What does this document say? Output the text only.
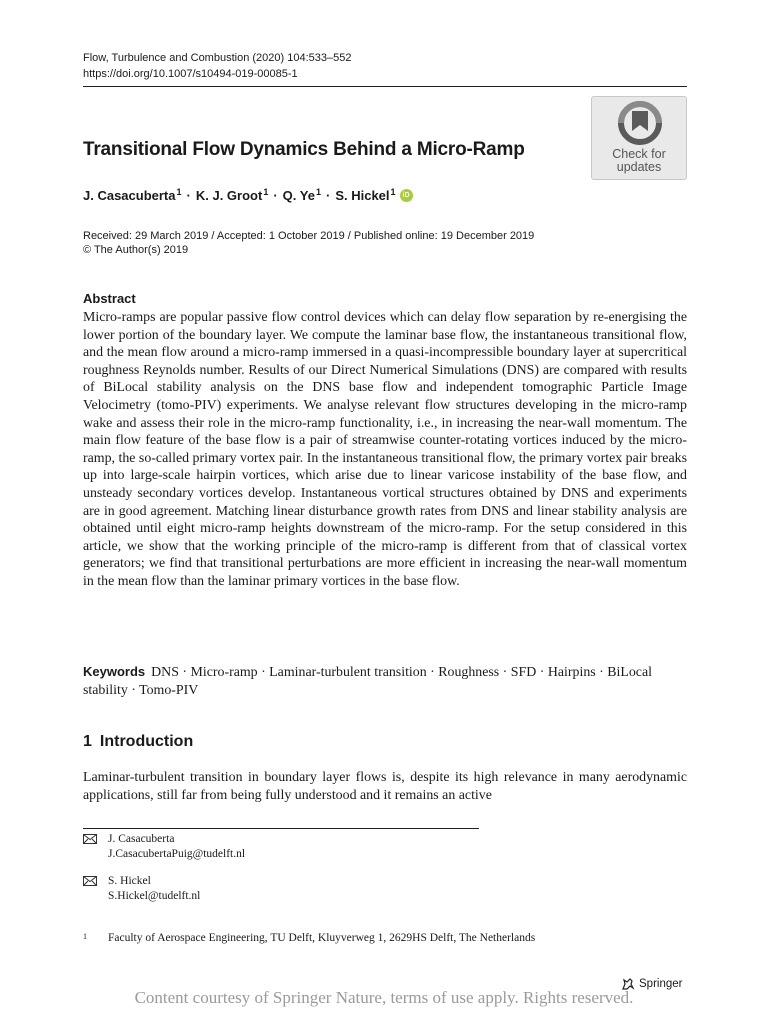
Flow, Turbulence and Combustion (2020) 104:533–552
https://doi.org/10.1007/s10494-019-00085-1
Check for
updates
Transitional Flow Dynamics Behind a Micro-Ramp
J. Casacuberta$^1$ · K. J. Groot$^1$ · Q. $Ye^1 \cdot S$. Hickel$^1$	iD
Received: 29 March 2019 / Accepted: 1 October 2019 / Published online: 19 December 2019
© The Author(s) 2019
Abstract
Micro-ramps are popular passive flow control devices which can delay flow separation by re-energising the lower portion of the boundary layer. We compute the laminar base flow, the instantaneous transitional flow, and the mean flow around a micro-ramp immersed in a quasi-incompressible boundary layer at supercritical roughness Reynolds number. Results of our Direct Numerical Simulations (DNS) are compared with results of BiLocal stability analysis on the DNS base flow and independent tomographic Particle Image Velocimetry (tomo-PIV) experiments. We analyse relevant flow structures developing in the micro-ramp wake and assess their role in the micro-ramp functionality, i.e., in increasing the near-wall momentum. The main flow feature of the base flow is a pair of streamwise counter-rotating vortices induced by the micro-ramp, the so-called primary vortex pair. In the instantaneous transitional flow, the primary vortex pair breaks up into large-scale hairpin vortices, which arise due to linear varicose instability of the base flow, and unsteady secondary vortices develop. Instantaneous vortical structures obtained by DNS and experiments are in good agreement. Matching linear disturbance growth rates from DNS and linear stability analysis are obtained until eight micro-ramp heights downstream of the micro-ramp. For the setup considered in this article, we show that the working principle of the micro-ramp is different from that of classical vortex generators; we find that transitional perturbations are more efficient in increasing the near-wall momentum in the mean flow than the laminar primary vortices in the base flow.
Keywords DNS · Micro-ramp · Laminar-turbulent transition · Roughness · SFD · Hairpins · BiLocal stability · Tomo-PIV
1 Introduction
Laminar-turbulent transition in boundary layer flows is, despite its high relevance in many aerodynamic applications, still far from being fully understood and it remains an active
J. Casacuberta
J.CasacubertaPuig@tudelft.nl
S. Hickel
S.Hickel@tudelft.nl
1 Faculty of Aerospace Engineering, TU Delft, Kluyverweg 1, 2629HS Delft, The Netherlands
Springer
Content courtesy of Springer Nature, terms of use apply. Rights reserved.
